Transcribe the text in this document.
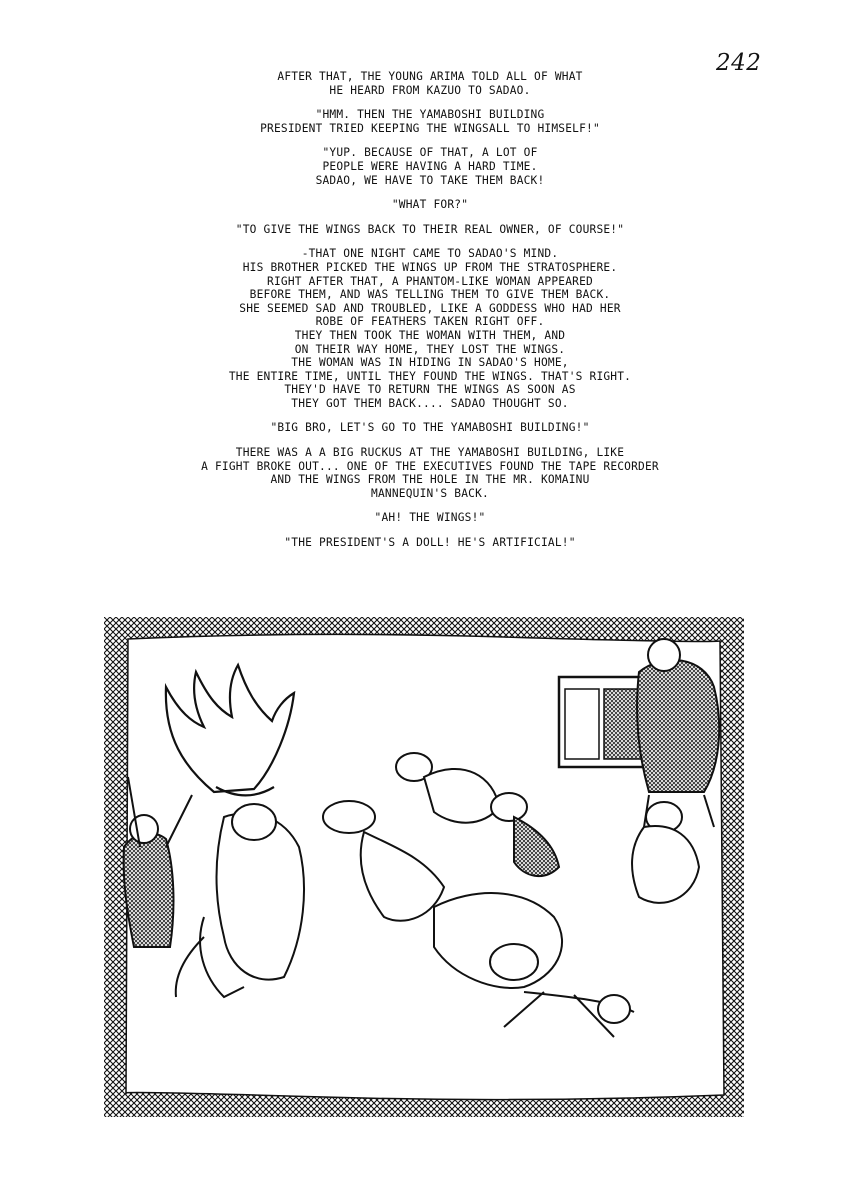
242

AFTER THAT, THE YOUNG ARIMA TOLD ALL OF WHAT
HE HEARD FROM KAZUO TO SADAO.

"HMM. THEN THE YAMABOSHI BUILDING
PRESIDENT TRIED KEEPING THE WINGSALL TO HIMSELF!"

"YUP. BECAUSE OF THAT, A LOT OF
PEOPLE WERE HAVING A HARD TIME.
SADAO, WE HAVE TO TAKE THEM BACK!

"WHAT FOR?"

"TO GIVE THE WINGS BACK TO THEIR REAL OWNER, OF COURSE!"

-THAT ONE NIGHT CAME TO SADAO'S MIND.
HIS BROTHER PICKED THE WINGS UP FROM THE STRATOSPHERE.
RIGHT AFTER THAT, A PHANTOM-LIKE WOMAN APPEARED
BEFORE THEM, AND WAS TELLING THEM TO GIVE THEM BACK.
SHE SEEMED SAD AND TROUBLED, LIKE A GODDESS WHO HAD HER
ROBE OF FEATHERS TAKEN RIGHT OFF.
THEY THEN TOOK THE WOMAN WITH THEM, AND
ON THEIR WAY HOME, THEY LOST THE WINGS.
THE WOMAN WAS IN HIDING IN SADAO'S HOME,
THE ENTIRE TIME, UNTIL THEY FOUND THE WINGS. THAT'S RIGHT.
THEY'D HAVE TO RETURN THE WINGS AS SOON AS
THEY GOT THEM BACK.... SADAO THOUGHT SO.

"BIG BRO, LET'S GO TO THE YAMABOSHI BUILDING!"

THERE WAS A A BIG RUCKUS AT THE YAMABOSHI BUILDING, LIKE
A FIGHT BROKE OUT... ONE OF THE EXECUTIVES FOUND THE TAPE RECORDER
AND THE WINGS FROM THE HOLE IN THE MR. KOMAINU
MANNEQUIN'S BACK.

"AH! THE WINGS!"

"THE PRESIDENT'S A DOLL! HE'S ARTIFICIAL!"
